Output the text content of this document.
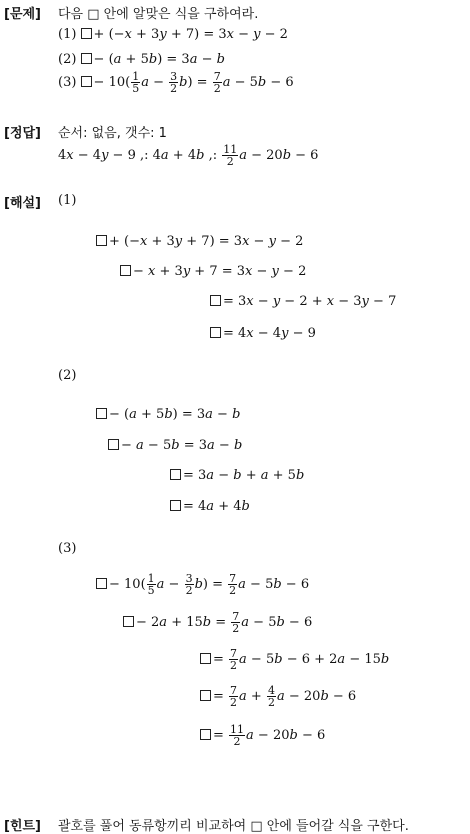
[문제] 다음 □ 안에 알맞은 식을 구하여라.
(1) + (−x + 3y + 7) = 3x − y − 2
(2) − (a + 5b) = 3a − b
$(3) - 10( \frac{1}{5}$ $a - \frac{3}{2} b) = \frac{7}{2}$ a − 5b − 6
[정답] 순서: 없음, 갯수: 1
4x − 4y − 9 ,: 4a + 4b ,: $\frac{11}{2}$ a − 20b − 6
[해설] (1)
+ (−x + 3y + 7) = 3x − y − 2
− x + 3y + 7 = 3x − y − 2
= 3x − y − 2 + x − 3y − 7
= 4x − 4y − 9
(2)
− (a + 5b) = 3a − b
− a − 5b = 3a − b
= 3a − b + a + 5b
= 4a + 4b
(3)
− $10( \frac{1}{5}$ $a - \frac{3}{2} b) = \frac{7}{2}$ a − 5b − 6
− $2a + 15b = \frac{7}{2}$ a − 5b − 6
= $\frac{7}{2}$ a − 5b − 6 + 2a − 15b
= $\frac{7}{2}$ $a + \frac{4}{2}$ a − 20b − 6
= $\frac{11}{2}$ a − 20b − 6
[힌트] 괄호를 풀어 동류항끼리 비교하여 □ 안에 들어갈 식을 구한다.
